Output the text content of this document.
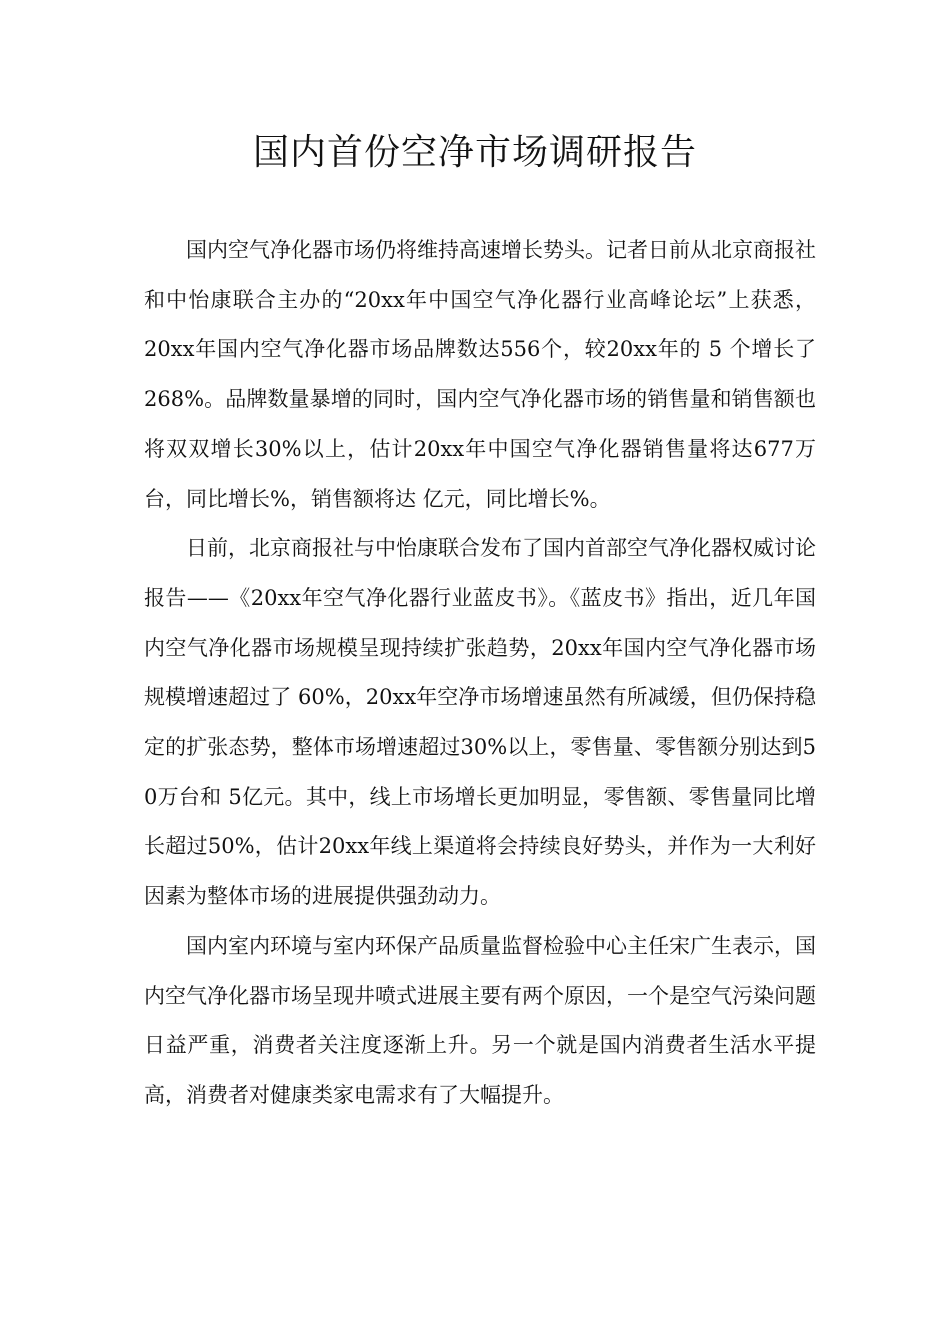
国内首份空净市场调研报告

国内空气净化器市场仍将维持高速增长势头。记者日前从北京商报社和中怡康联合主办的“20xx年中国空气净化器行业高峰论坛”上获悉，20xx年国内空气净化器市场品牌数达556个，较20xx年的 5 个增长了268%。品牌数量暴增的同时，国内空气净化器市场的销售量和销售额也将双双增长30%以上，估计20xx年中国空气净化器销售量将达677万台，同比增长%，销售额将达 亿元，同比增长%。

日前，北京商报社与中怡康联合发布了国内首部空气净化器权威讨论报告——《20xx年空气净化器行业蓝皮书》。《蓝皮书》指出，近几年国内空气净化器市场规模呈现持续扩张趋势，20xx年国内空气净化器市场规模增速超过了 60%，20xx年空净市场增速虽然有所减缓，但仍保持稳定的扩张态势，整体市场增速超过30%以上，零售量、零售额分别达到5 0万台和 5亿元。其中，线上市场增长更加明显，零售额、零售量同比增长超过50%，估计20xx年线上渠道将会持续良好势头，并作为一大利好因素为整体市场的进展提供强劲动力。

国内室内环境与室内环保产品质量监督检验中心主任宋广生表示，国内空气净化器市场呈现井喷式进展主要有两个原因，一个是空气污染问题日益严重，消费者关注度逐渐上升。另一个就是国内消费者生活水平提高，消费者对健康类家电需求有了大幅提升。
